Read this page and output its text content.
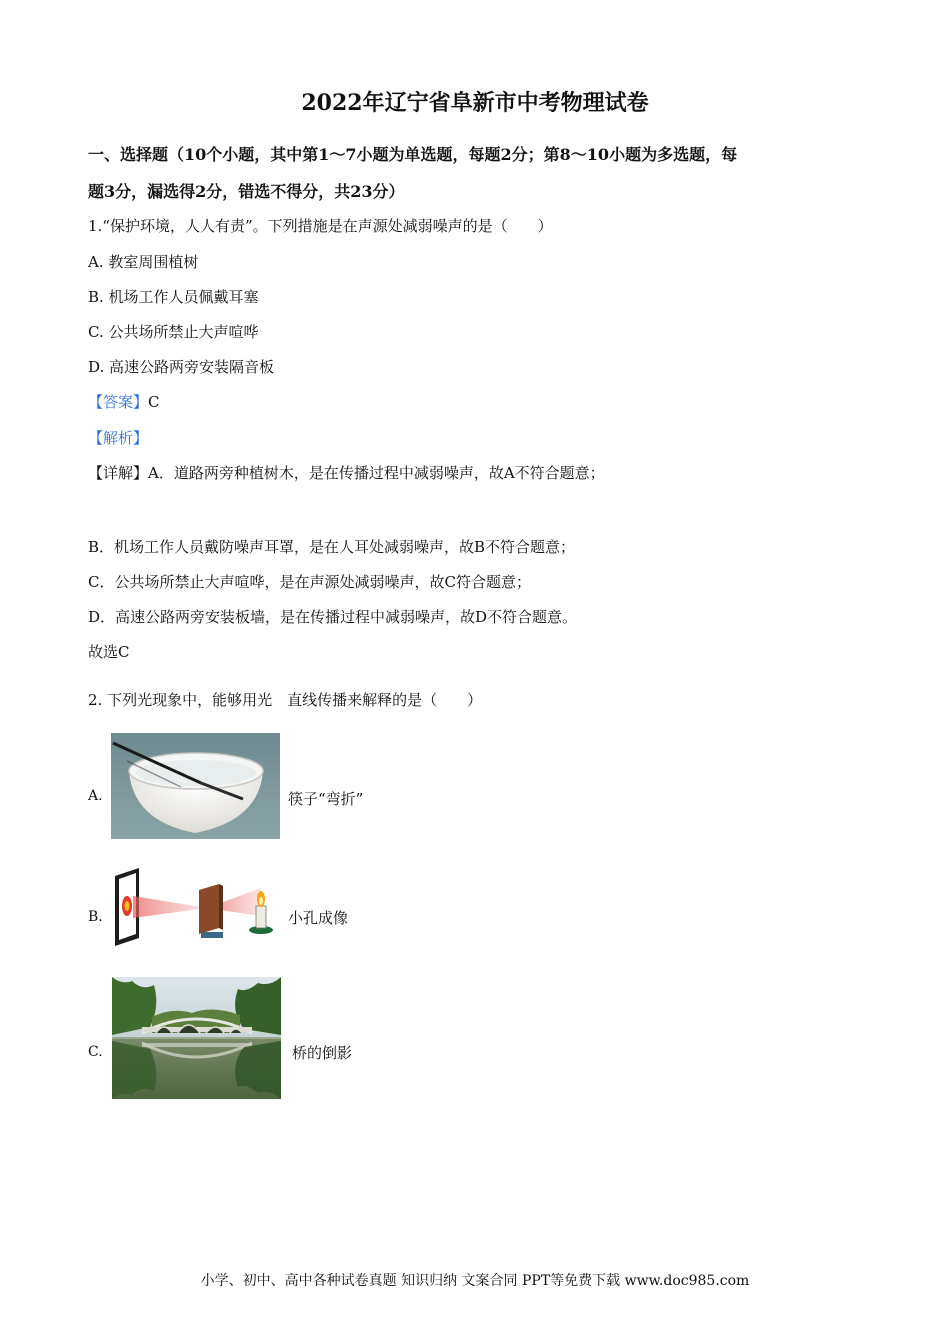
2022年辽宁省阜新市中考物理试卷
一、选择题（10个小题，其中第1～7小题为单选题，每题2分；第8～10小题为多选题，每
题3分，漏选得2分，错选不得分，共23分）
1.“保护环境，人人有责”。下列措施是在声源处减弱噪声的是（　　）
A. 教室周围植树
B. 机场工作人员佩戴耳塞
C. 公共场所禁止大声喧哗
D. 高速公路两旁安装隔音板
【答案】C
【解析】
【详解】A．道路两旁种植树木，是在传播过程中减弱噪声，故A不符合题意；
B．机场工作人员戴防噪声耳罩，是在人耳处减弱噪声，故B不符合题意；
C．公共场所禁止大声喧哗，是在声源处减弱噪声，故C符合题意；
D．高速公路两旁安装板墙，是在传播过程中减弱噪声，故D不符合题意。
故选C
2. 下列光现象中，能够用光　直线传播来解释的是（　　）
A.	筷子“弯折”
B.	小孔成像
C.	桥的倒影
小学、初中、高中各种试卷真题 知识归纳 文案合同 PPT等免费下载 www.doc985.com
